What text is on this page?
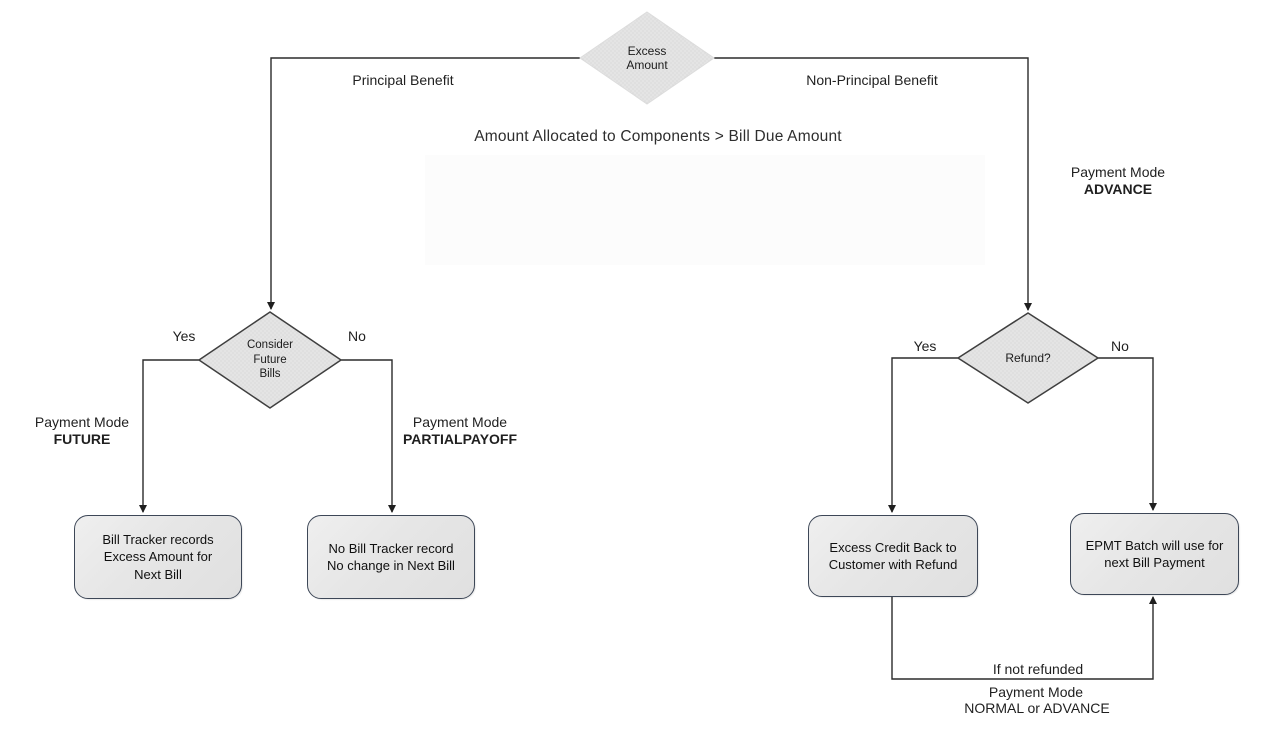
Excess
Amount
Consider
Future
Bills
Refund?
Amount Allocated to Components > Bill Due Amount
Principal Benefit	Non-Principal Benefit
Yes	No
Yes	No
Payment Mode
ADVANCE
Payment Mode
FUTURE
Payment Mode
PARTIALPAYOFF
If not refunded
Payment Mode
NORMAL or ADVANCE
Bill Tracker records
Excess Amount for
Next Bill
No Bill Tracker record
No change in Next Bill
Excess Credit Back to
Customer with Refund
EPMT Batch will use for
next Bill Payment
